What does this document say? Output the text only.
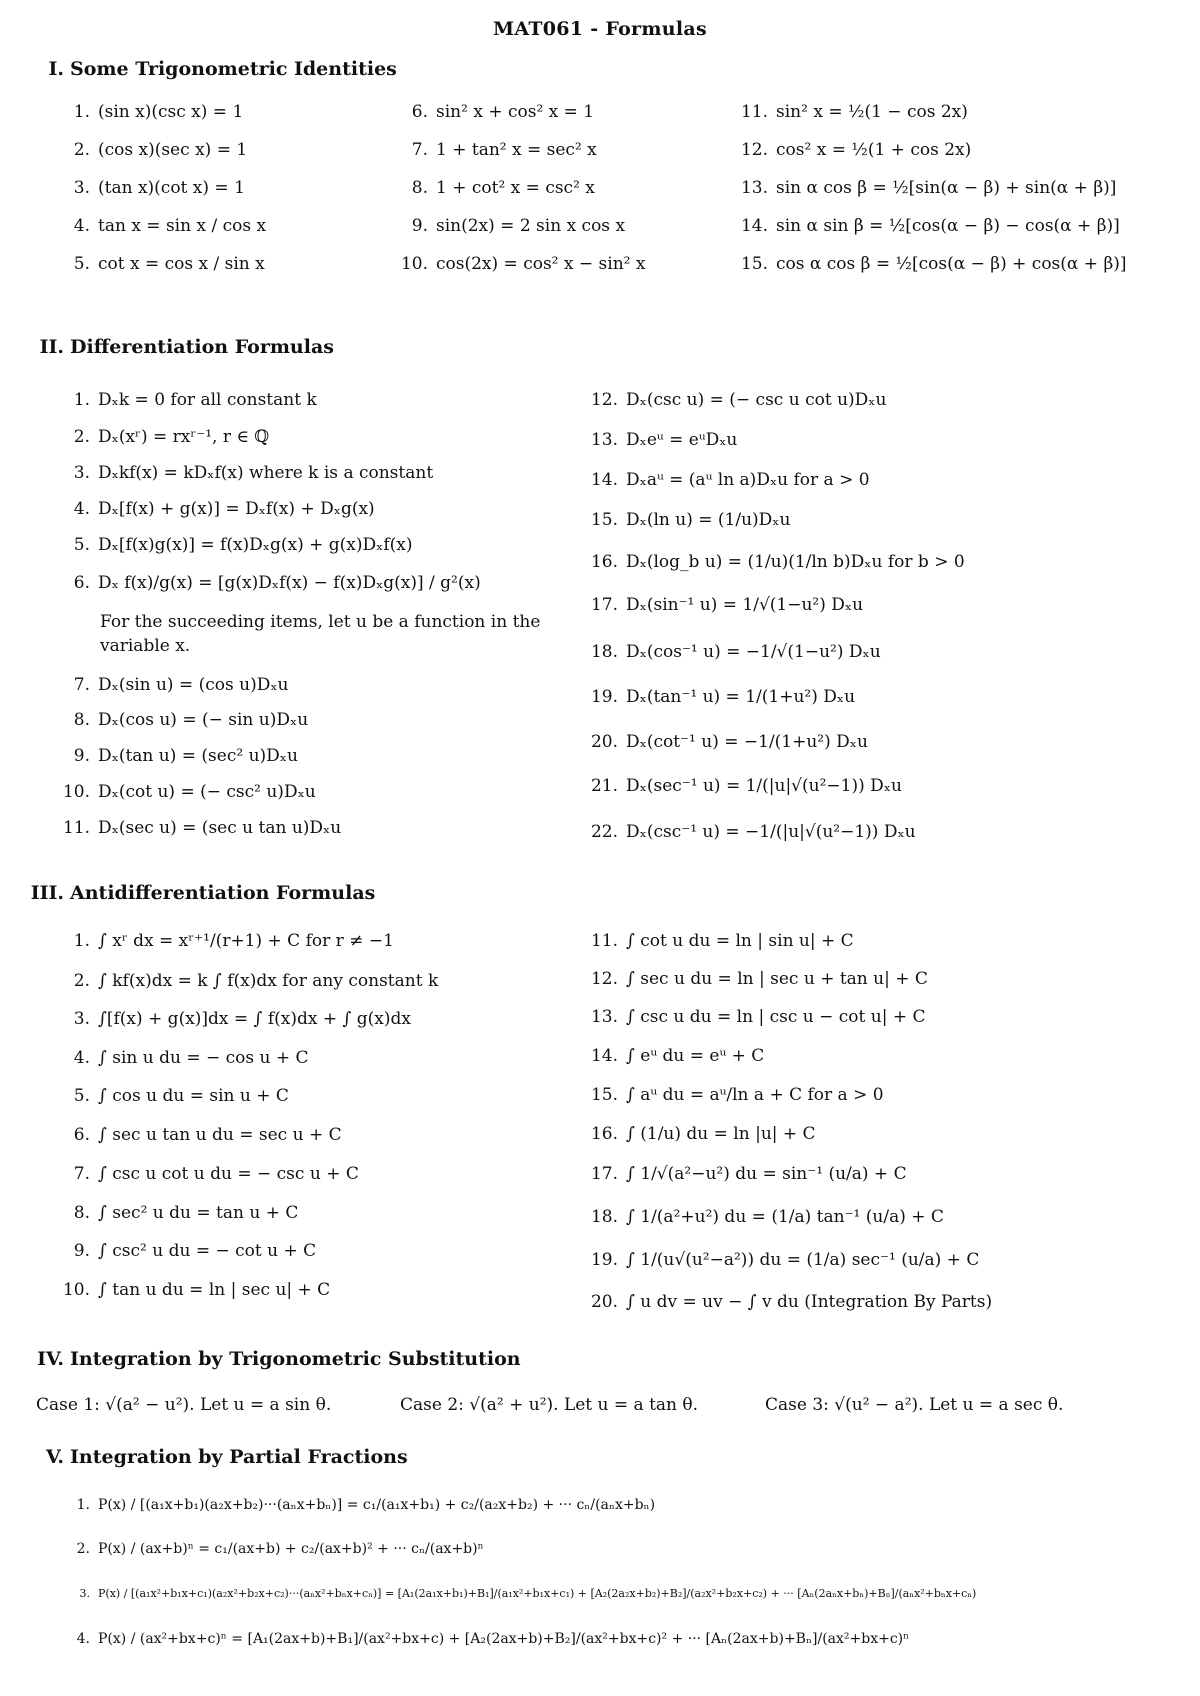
MAT061 - Formulas
I. Some Trigonometric Identities
1. (sin x)(csc x) = 1
2. (cos x)(sec x) = 1
3. (tan x)(cot x) = 1
4. tan x = sin x / cos x
5. cot x = cos x / sin x
6. sin² x + cos² x = 1
7. 1 + tan² x = sec² x
8. 1 + cot² x = csc² x
9. sin(2x) = 2 sin x cos x
10. cos(2x) = cos² x − sin² x
11. sin² x = ½(1 − cos 2x)
12. cos² x = ½(1 + cos 2x)
13. sin α cos β = ½[sin(α − β) + sin(α + β)]
14. sin α sin β = ½[cos(α − β) − cos(α + β)]
15. cos α cos β = ½[cos(α − β) + cos(α + β)]
II. Differentiation Formulas
1. Dₓk = 0 for all constant k
2. Dₓ(xʳ) = rxʳ⁻¹, r ∈ ℚ
3. Dₓkf(x) = kDₓf(x) where k is a constant
4. Dₓ[f(x) + g(x)] = Dₓf(x) + Dₓg(x)
5. Dₓ[f(x)g(x)] = f(x)Dₓg(x) + g(x)Dₓf(x)
6. Dₓ f(x)/g(x) = [g(x)Dₓf(x) − f(x)Dₓg(x)] / g²(x)
For the succeeding items, let u be a function in the variable x.
7. Dₓ(sin u) = (cos u)Dₓu
8. Dₓ(cos u) = (− sin u)Dₓu
9. Dₓ(tan u) = (sec² u)Dₓu
10. Dₓ(cot u) = (− csc² u)Dₓu
11. Dₓ(sec u) = (sec u tan u)Dₓu
12. Dₓ(csc u) = (− csc u cot u)Dₓu
13. Dₓeᵘ = eᵘDₓu
14. Dₓaᵘ = (aᵘ ln a)Dₓu for a > 0
15. Dₓ(ln u) = (1/u)Dₓu
16. Dₓ(log_b u) = (1/u)(1/ln b)Dₓu for b > 0
17. Dₓ(sin⁻¹ u) = 1/√(1−u²) Dₓu
18. Dₓ(cos⁻¹ u) = −1/√(1−u²) Dₓu
19. Dₓ(tan⁻¹ u) = 1/(1+u²) Dₓu
20. Dₓ(cot⁻¹ u) = −1/(1+u²) Dₓu
21. Dₓ(sec⁻¹ u) = 1/(|u|√(u²−1)) Dₓu
22. Dₓ(csc⁻¹ u) = −1/(|u|√(u²−1)) Dₓu
III. Antidifferentiation Formulas
1. ∫ xʳ dx = xʳ⁺¹/(r+1) + C for r ≠ −1
2. ∫ kf(x)dx = k ∫ f(x)dx for any constant k
3. ∫[f(x) + g(x)]dx = ∫ f(x)dx + ∫ g(x)dx
4. ∫ sin u du = − cos u + C
5. ∫ cos u du = sin u + C
6. ∫ sec u tan u du = sec u + C
7. ∫ csc u cot u du = − csc u + C
8. ∫ sec² u du = tan u + C
9. ∫ csc² u du = − cot u + C
10. ∫ tan u du = ln | sec u| + C
11. ∫ cot u du = ln | sin u| + C
12. ∫ sec u du = ln | sec u + tan u| + C
13. ∫ csc u du = ln | csc u − cot u| + C
14. ∫ eᵘ du = eᵘ + C
15. ∫ aᵘ du = aᵘ/ln a + C for a > 0
16. ∫ (1/u) du = ln |u| + C
17. ∫ 1/√(a²−u²) du = sin⁻¹ (u/a) + C
18. ∫ 1/(a²+u²) du = (1/a) tan⁻¹ (u/a) + C
19. ∫ 1/(u√(u²−a²)) du = (1/a) sec⁻¹ (u/a) + C
20. ∫ u dv = uv − ∫ v du (Integration By Parts)
IV. Integration by Trigonometric Substitution
Case 1: √(a² − u²). Let u = a sin θ.	Case 2: √(a² + u²). Let u = a tan θ.	Case 3: √(u² − a²). Let u = a sec θ.
V. Integration by Partial Fractions
1. P(x) / [(a₁x+b₁)(a₂x+b₂)···(aₙx+bₙ)] = c₁/(a₁x+b₁) + c₂/(a₂x+b₂) + ··· cₙ/(aₙx+bₙ)
2. P(x) / (ax+b)ⁿ = c₁/(ax+b) + c₂/(ax+b)² + ··· cₙ/(ax+b)ⁿ
3. P(x) / [(a₁x²+b₁x+c₁)(a₂x²+b₂x+c₂)···(aₙx²+bₙx+cₙ)] = [A₁(2a₁x+b₁)+B₁]/(a₁x²+b₁x+c₁) + [A₂(2a₂x+b₂)+B₂]/(a₂x²+b₂x+c₂) + ··· [Aₙ(2aₙx+bₙ)+Bₙ]/(aₙx²+bₙx+cₙ)
4. P(x) / (ax²+bx+c)ⁿ = [A₁(2ax+b)+B₁]/(ax²+bx+c) + [A₂(2ax+b)+B₂]/(ax²+bx+c)² + ··· [Aₙ(2ax+b)+Bₙ]/(ax²+bx+c)ⁿ
